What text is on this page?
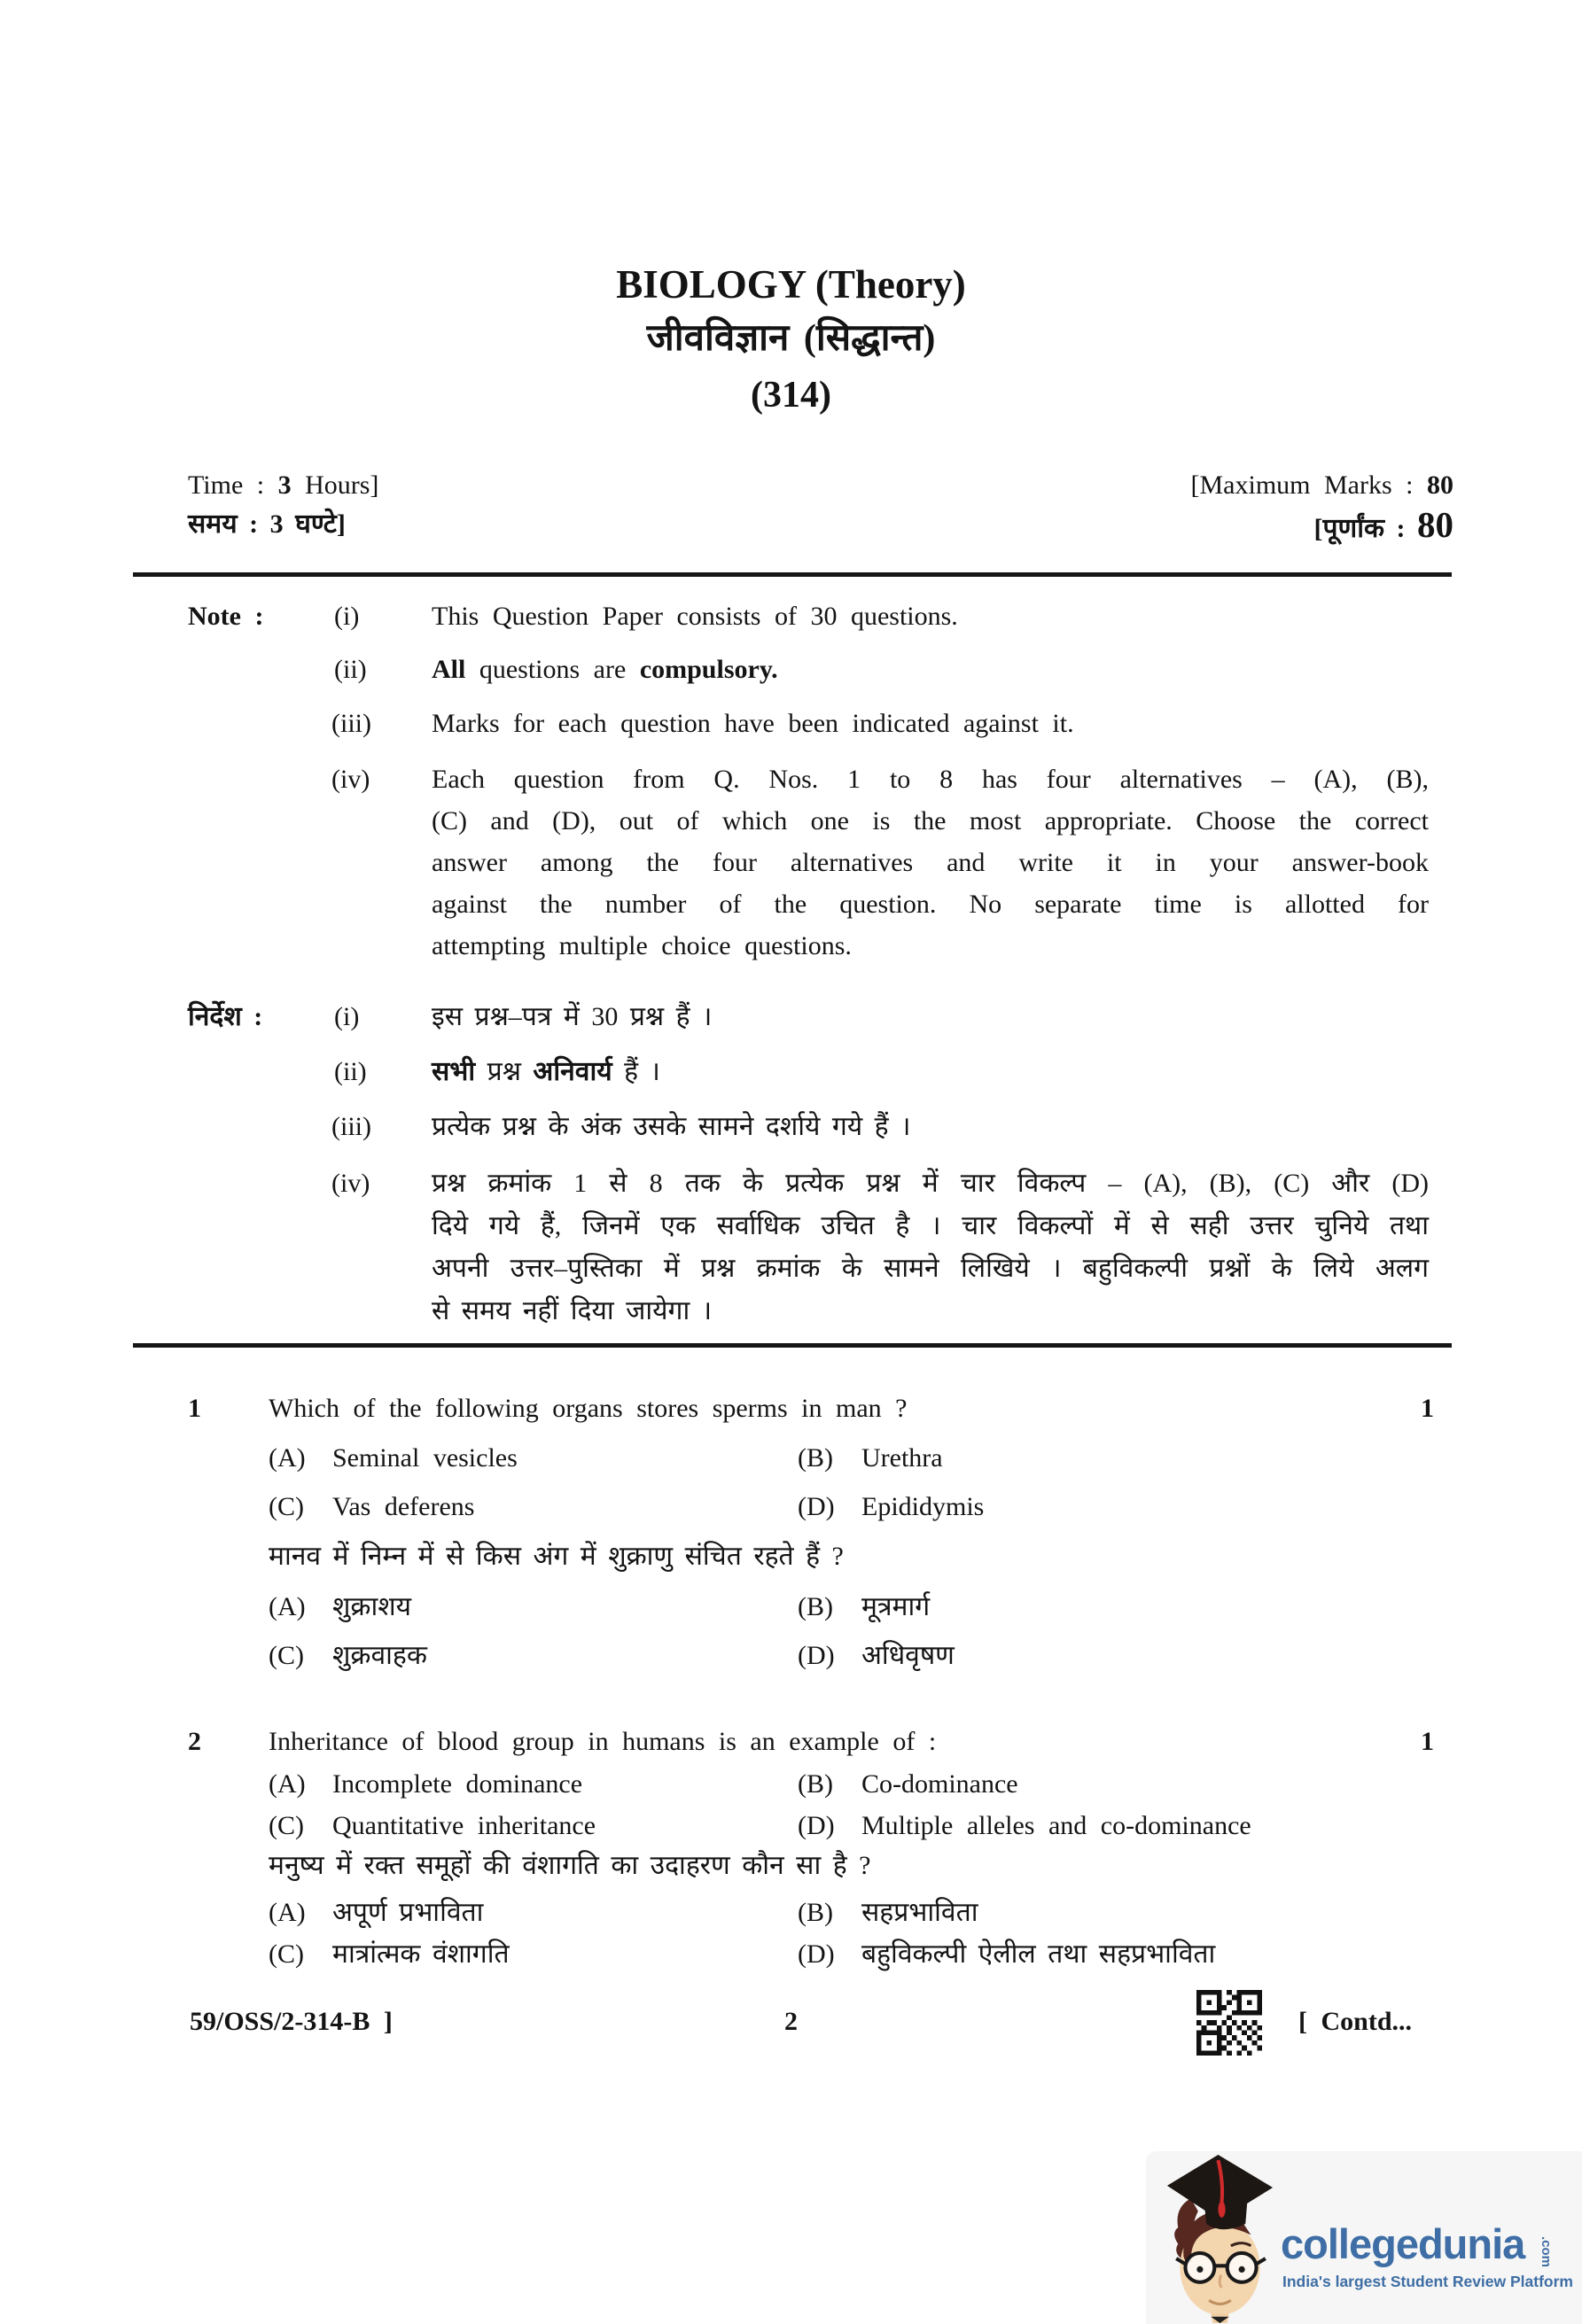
BIOLOGY (Theory)
जीवविज्ञान (सिद्धान्त)
(314)
Time : 3 Hours]	[Maximum Marks : 80
समय : 3 घण्टे]	[पूर्णांक : 80
Note :	(i)	This Question Paper consists of 30 questions.
(ii) All questions are compulsory.
(iii) Marks for each question have been indicated against it.
(iv) Each question from Q. Nos. 1 to 8 has four alternatives – (A), (B),
(C) and (D), out of which one is the most appropriate. Choose the correct
answer among the four alternatives and write it in your answer-book
against the number of the question. No separate time is allotted for
attempting multiple choice questions.
निर्देश :	(i)	इस प्रश्न–पत्र में 30 प्रश्न हैं ।
(ii) सभी प्रश्न अनिवार्य हैं ।
(iii) प्रत्येक प्रश्न के अंक उसके सामने दर्शाये गये हैं ।
(iv) प्रश्न क्रमांक 1 से 8 तक के प्रत्येक प्रश्न में चार विकल्प – (A), (B), (C) और (D)
दिये गये हैं, जिनमें एक सर्वाधिक उचित है । चार विकल्पों में से सही उत्तर चुनिये तथा
अपनी उत्तर–पुस्तिका में प्रश्न क्रमांक के सामने लिखिये । बहुविकल्पी प्रश्नों के लिये अलग
से समय नहीं दिया जायेगा ।
1	Which of the following organs stores sperms in man ?	1
(A) Seminal vesicles	(B) Urethra
(C) Vas deferens	(D) Epididymis
मानव में निम्न में से किस अंग में शुक्राणु संचित रहते हैं ?
(A) शुक्राशय	(B) मूत्रमार्ग
(C) शुक्रवाहक	(D) अधिवृषण
2	Inheritance of blood group in humans is an example of :	1
(A) Incomplete dominance	(B) Co-dominance
(C) Quantitative inheritance	(D) Multiple alleles and co-dominance
मनुष्य में रक्त समूहों की वंशागति का उदाहरण कौन सा है ?
(A) अपूर्ण प्रभाविता	(B) सहप्रभाविता
(C) मात्रांत्मक वंशागति	(D) बहुविकल्पी ऐलील तथा सहप्रभाविता
59/OSS/2-314-B ]	2	[ Contd...
collegedunia .com
India's largest Student Review Platform
